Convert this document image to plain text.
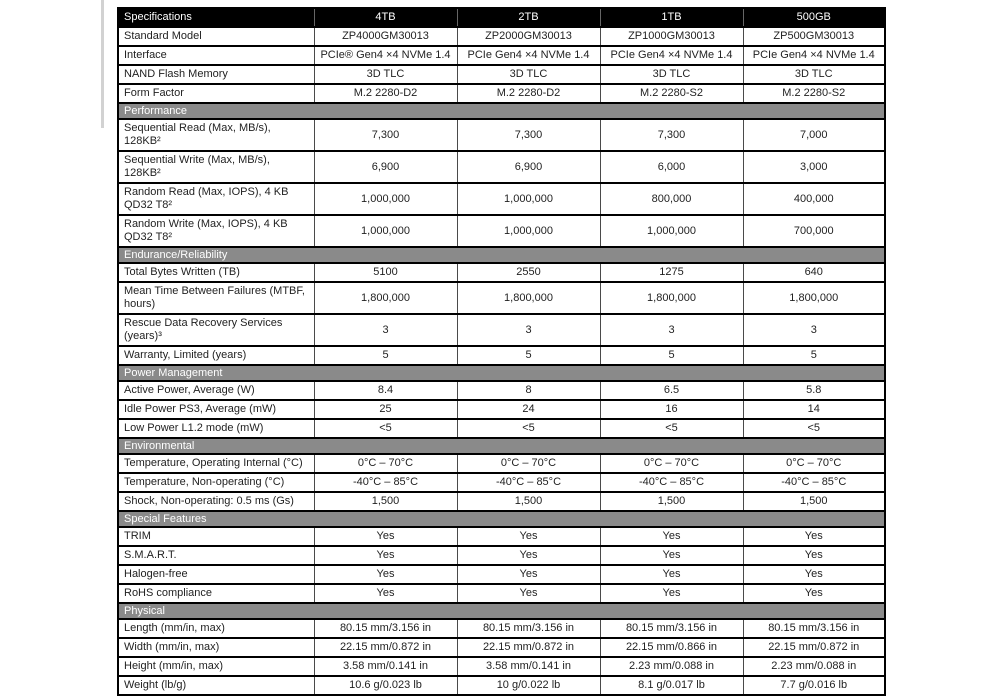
Specifications	4TB	2TB	1TB	500GB
Standard Model	ZP4000GM30013	ZP2000GM30013	ZP1000GM30013	ZP500GM30013
Interface	PCIe® Gen4 ×4 NVMe 1.4	PCIe Gen4 ×4 NVMe 1.4	PCIe Gen4 ×4 NVMe 1.4	PCIe Gen4 ×4 NVMe 1.4
NAND Flash Memory	3D TLC	3D TLC	3D TLC	3D TLC
Form Factor	M.2 2280-D2	M.2 2280-D2	M.2 2280-S2	M.2 2280-S2
Performance				
Sequential Read (Max, MB/s), 128KB²	7,300	7,300	7,300	7,000
Sequential Write (Max, MB/s), 128KB²	6,900	6,900	6,000	3,000
Random Read (Max, IOPS), 4 KB QD32 T8²	1,000,000	1,000,000	800,000	400,000
Random Write (Max, IOPS), 4 KB QD32 T8²	1,000,000	1,000,000	1,000,000	700,000
Endurance/Reliability				
Total Bytes Written (TB)	5100	2550	1275	640
Mean Time Between Failures (MTBF, hours)	1,800,000	1,800,000	1,800,000	1,800,000
Rescue Data Recovery Services (years)³	3	3	3	3
Warranty, Limited (years)	5	5	5	5
Power Management				
Active Power, Average (W)	8.4	8	6.5	5.8
Idle Power PS3, Average (mW)	25	24	16	14
Low Power L1.2 mode (mW)	<5	<5	<5	<5
Environmental				
Temperature, Operating Internal (°C)	0°C – 70°C	0°C – 70°C	0°C – 70°C	0°C – 70°C
Temperature, Non-operating (°C)	-40°C – 85°C	-40°C – 85°C	-40°C – 85°C	-40°C – 85°C
Shock, Non-operating: 0.5 ms (Gs)	1,500	1,500	1,500	1,500
Special Features				
TRIM	Yes	Yes	Yes	Yes
S.M.A.R.T.	Yes	Yes	Yes	Yes
Halogen-free	Yes	Yes	Yes	Yes
RoHS compliance	Yes	Yes	Yes	Yes
Physical				
Length (mm/in, max)	80.15 mm/3.156 in	80.15 mm/3.156 in	80.15 mm/3.156 in	80.15 mm/3.156 in
Width (mm/in, max)	22.15 mm/0.872 in	22.15 mm/0.872 in	22.15 mm/0.866 in	22.15 mm/0.872 in
Height (mm/in, max)	3.58 mm/0.141 in	3.58 mm/0.141 in	2.23 mm/0.088 in	2.23 mm/0.088 in
Weight (lb/g)	10.6 g/0.023 lb	10 g/0.022 lb	8.1 g/0.017 lb	7.7 g/0.016 lb
